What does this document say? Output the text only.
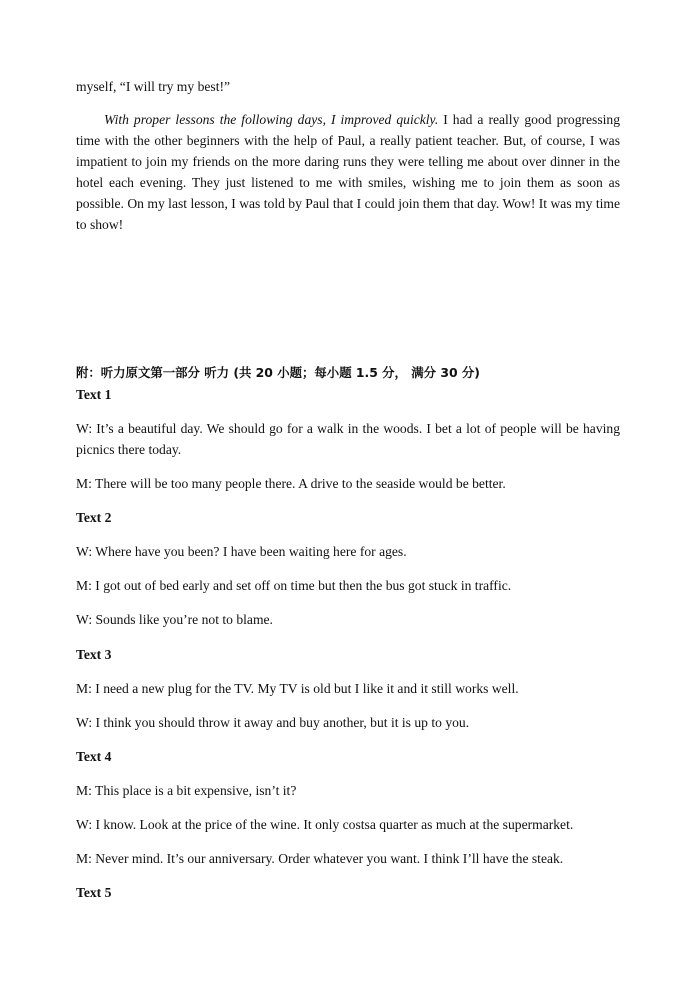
myself, “I will try my best!”

With proper lessons the following days, I improved quickly. I had a really good progressing time with the other beginners with the help of Paul, a really patient teacher. But, of course, I was impatient to join my friends on the more daring runs they were telling me about over dinner in the hotel each evening. They just listened to me with smiles, wishing me to join them as soon as possible. On my last lesson, I was told by Paul that I could join them that day. Wow! It was my time to show!

附：听力原文第一部分 听力 (共 20 小题；每小题 1.5 分， 满分 30 分)

Text 1

W: It’s a beautiful day. We should go for a walk in the woods. I bet a lot of people will be having picnics there today.

M: There will be too many people there. A drive to the seaside would be better.

Text 2

W: Where have you been? I have been waiting here for ages.

M: I got out of bed early and set off on time but then the bus got stuck in traffic.

W: Sounds like you’re not to blame.

Text 3

M: I need a new plug for the TV. My TV is old but I like it and it still works well.

W: I think you should throw it away and buy another, but it is up to you.

Text 4

M: This place is a bit expensive, isn’t it?

W: I know. Look at the price of the wine. It only costsa quarter as much at the supermarket.

M: Never mind. It’s our anniversary. Order whatever you want. I think I’ll have the steak.

Text 5
